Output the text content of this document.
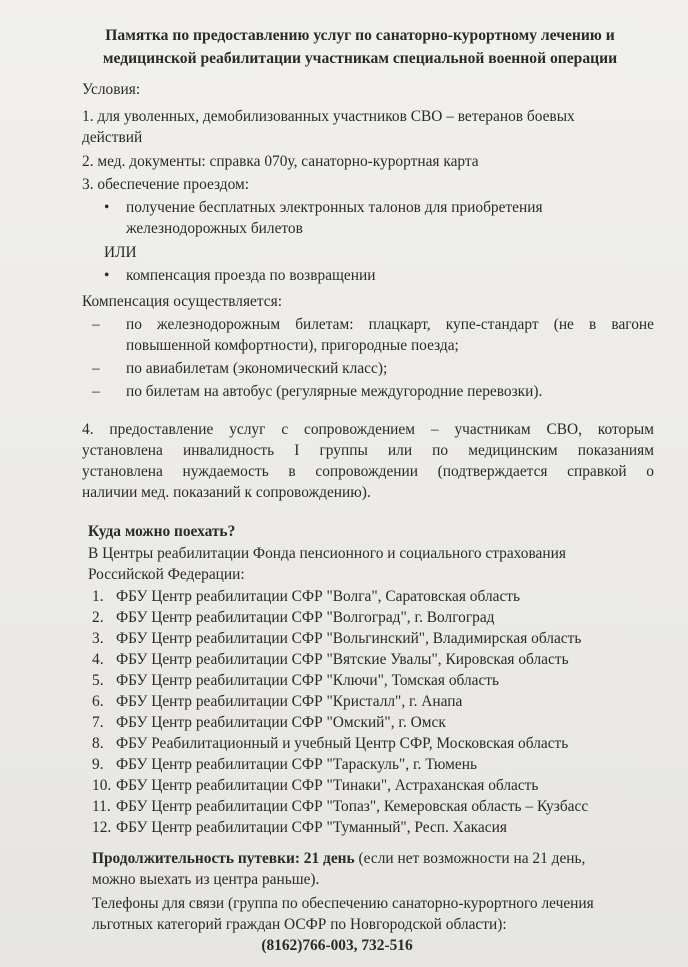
Памятка по предоставлению услуг по санаторно-курортному лечению и
медицинской реабилитации участникам специальной военной операции
Условия:
1. для уволенных, демобилизованных участников СВО – ветеранов боевых
действий
2. мед. документы: справка 070у, санаторно-курортная карта
3. обеспечение проездом:
• получение бесплатных электронных талонов для приобретения
железнодорожных билетов
ИЛИ
• компенсация проезда по возвращении
Компенсация осуществляется:
– по железнодорожным билетам: плацкарт, купе-стандарт (не в вагоне
повышенной комфортности), пригородные поезда;
– по авиабилетам (экономический класс);
– по билетам на автобус (регулярные междугородние перевозки).
4. предоставление услуг с сопровождением – участникам СВО, которым
установлена инвалидность I группы или по медицинским показаниям
установлена нуждаемость в сопровождении (подтверждается справкой о
наличии мед. показаний к сопровождению).
Куда можно поехать?
В Центры реабилитации Фонда пенсионного и социального страхования
Российской Федерации:
1. ФБУ Центр реабилитации СФР "Волга", Саратовская область
2. ФБУ Центр реабилитации СФР "Волгоград", г. Волгоград
3. ФБУ Центр реабилитации СФР "Вольгинский", Владимирская область
4. ФБУ Центр реабилитации СФР "Вятские Увалы", Кировская область
5. ФБУ Центр реабилитации СФР "Ключи", Томская область
6. ФБУ Центр реабилитации СФР "Кристалл", г. Анапа
7. ФБУ Центр реабилитации СФР "Омский", г. Омск
8. ФБУ Реабилитационный и учебный Центр СФР, Московская область
9. ФБУ Центр реабилитации СФР "Тараскуль", г. Тюмень
10. ФБУ Центр реабилитации СФР "Тинаки", Астраханская область
11. ФБУ Центр реабилитации СФР "Топаз", Кемеровская область – Кузбасс
12. ФБУ Центр реабилитации СФР "Туманный", Респ. Хакасия
Продолжительность путевки: 21 день (если нет возможности на 21 день,
можно выехать из центра раньше).
Телефоны для связи (группа по обеспечению санаторно-курортного лечения
льготных категорий граждан ОСФР по Новгородской области):
(8162)766-003, 732-516
